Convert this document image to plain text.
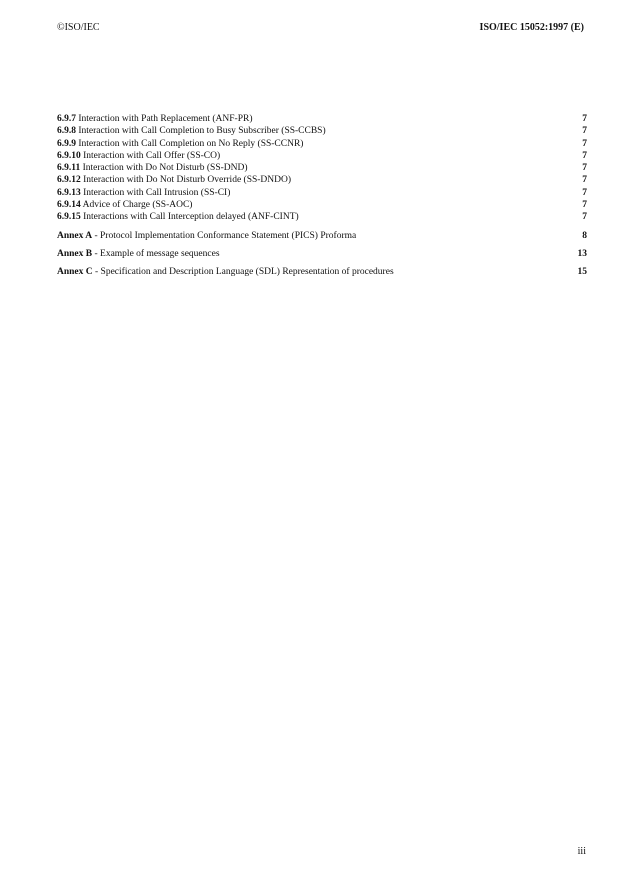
©ISO/IEC	ISO/IEC 15052:1997 (E)
6.9.7 Interaction with Path Replacement (ANF-PR)	7
6.9.8 Interaction with Call Completion to Busy Subscriber (SS-CCBS)	7
6.9.9 Interaction with Call Completion on No Reply (SS-CCNR)	7
6.9.10 Interaction with Call Offer (SS-CO)	7
6.9.11 Interaction with Do Not Disturb (SS-DND)	7
6.9.12 Interaction with Do Not Disturb Override (SS-DNDO)	7
6.9.13 Interaction with Call Intrusion (SS-CI)	7
6.9.14 Advice of Charge (SS-AOC)	7
6.9.15 Interactions with Call Interception delayed (ANF-CINT)	7
Annex A - Protocol Implementation Conformance Statement (PICS) Proforma	8
Annex B - Example of message sequences	13
Annex C - Specification and Description Language (SDL) Representation of procedures	15
iii
